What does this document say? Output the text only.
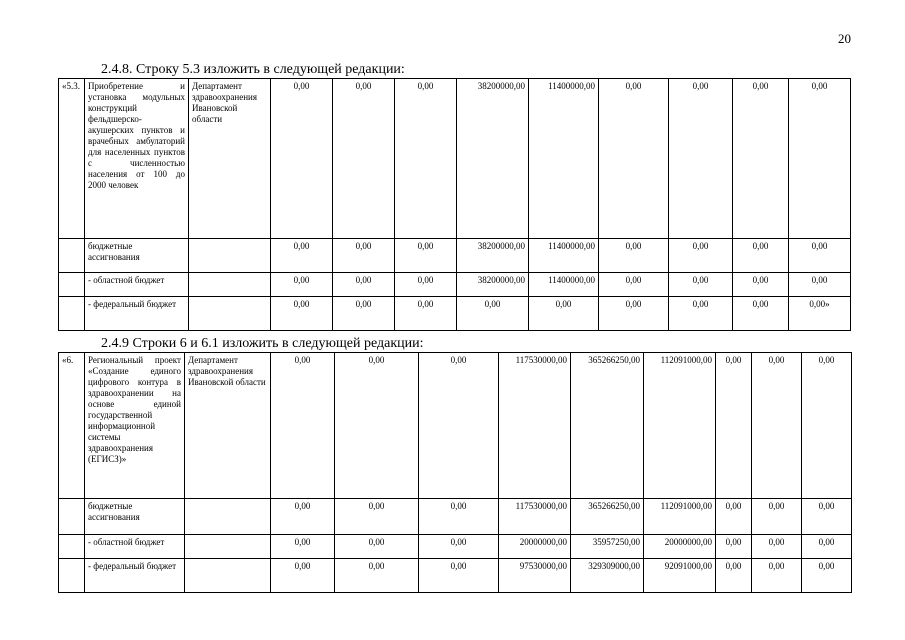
20
2.4.8. Строку 5.3 изложить в следующей редакции:
«5.3.	Приобретение и установка модульных конструкций фельдшерско-акушерских пунктов и врачебных амбулаторий для населенных пунктов с численностью населения от 100 до 2000 человек	Департамент здравоохранения Ивановской области	0,00	0,00	0,00	38200000,00	11400000,00	0,00	0,00	0,00	0,00
	бюджетные ассигнования		0,00	0,00	0,00	38200000,00	11400000,00	0,00	0,00	0,00	0,00
	- областной бюджет		0,00	0,00	0,00	38200000,00	11400000,00	0,00	0,00	0,00	0,00
	- федеральный бюджет		0,00	0,00	0,00	0,00	0,00	0,00	0,00	0,00	0,00»
2.4.9 Строки 6 и 6.1 изложить в следующей редакции:
«6.	Региональный проект «Создание единого цифрового контура в здравоохранении на основе единой государственной информационной системы здравоохранения (ЕГИСЗ)»	Департамент здравоохранения Ивановской области	0,00	0,00	0,00	117530000,00	365266250,00	112091000,00	0,00	0,00	0,00
	бюджетные ассигнования		0,00	0,00	0,00	117530000,00	365266250,00	112091000,00	0,00	0,00	0,00
	- областной бюджет		0,00	0,00	0,00	20000000,00	35957250,00	20000000,00	0,00	0,00	0,00
	- федеральный бюджет		0,00	0,00	0,00	97530000,00	329309000,00	92091000,00	0,00	0,00	0,00
